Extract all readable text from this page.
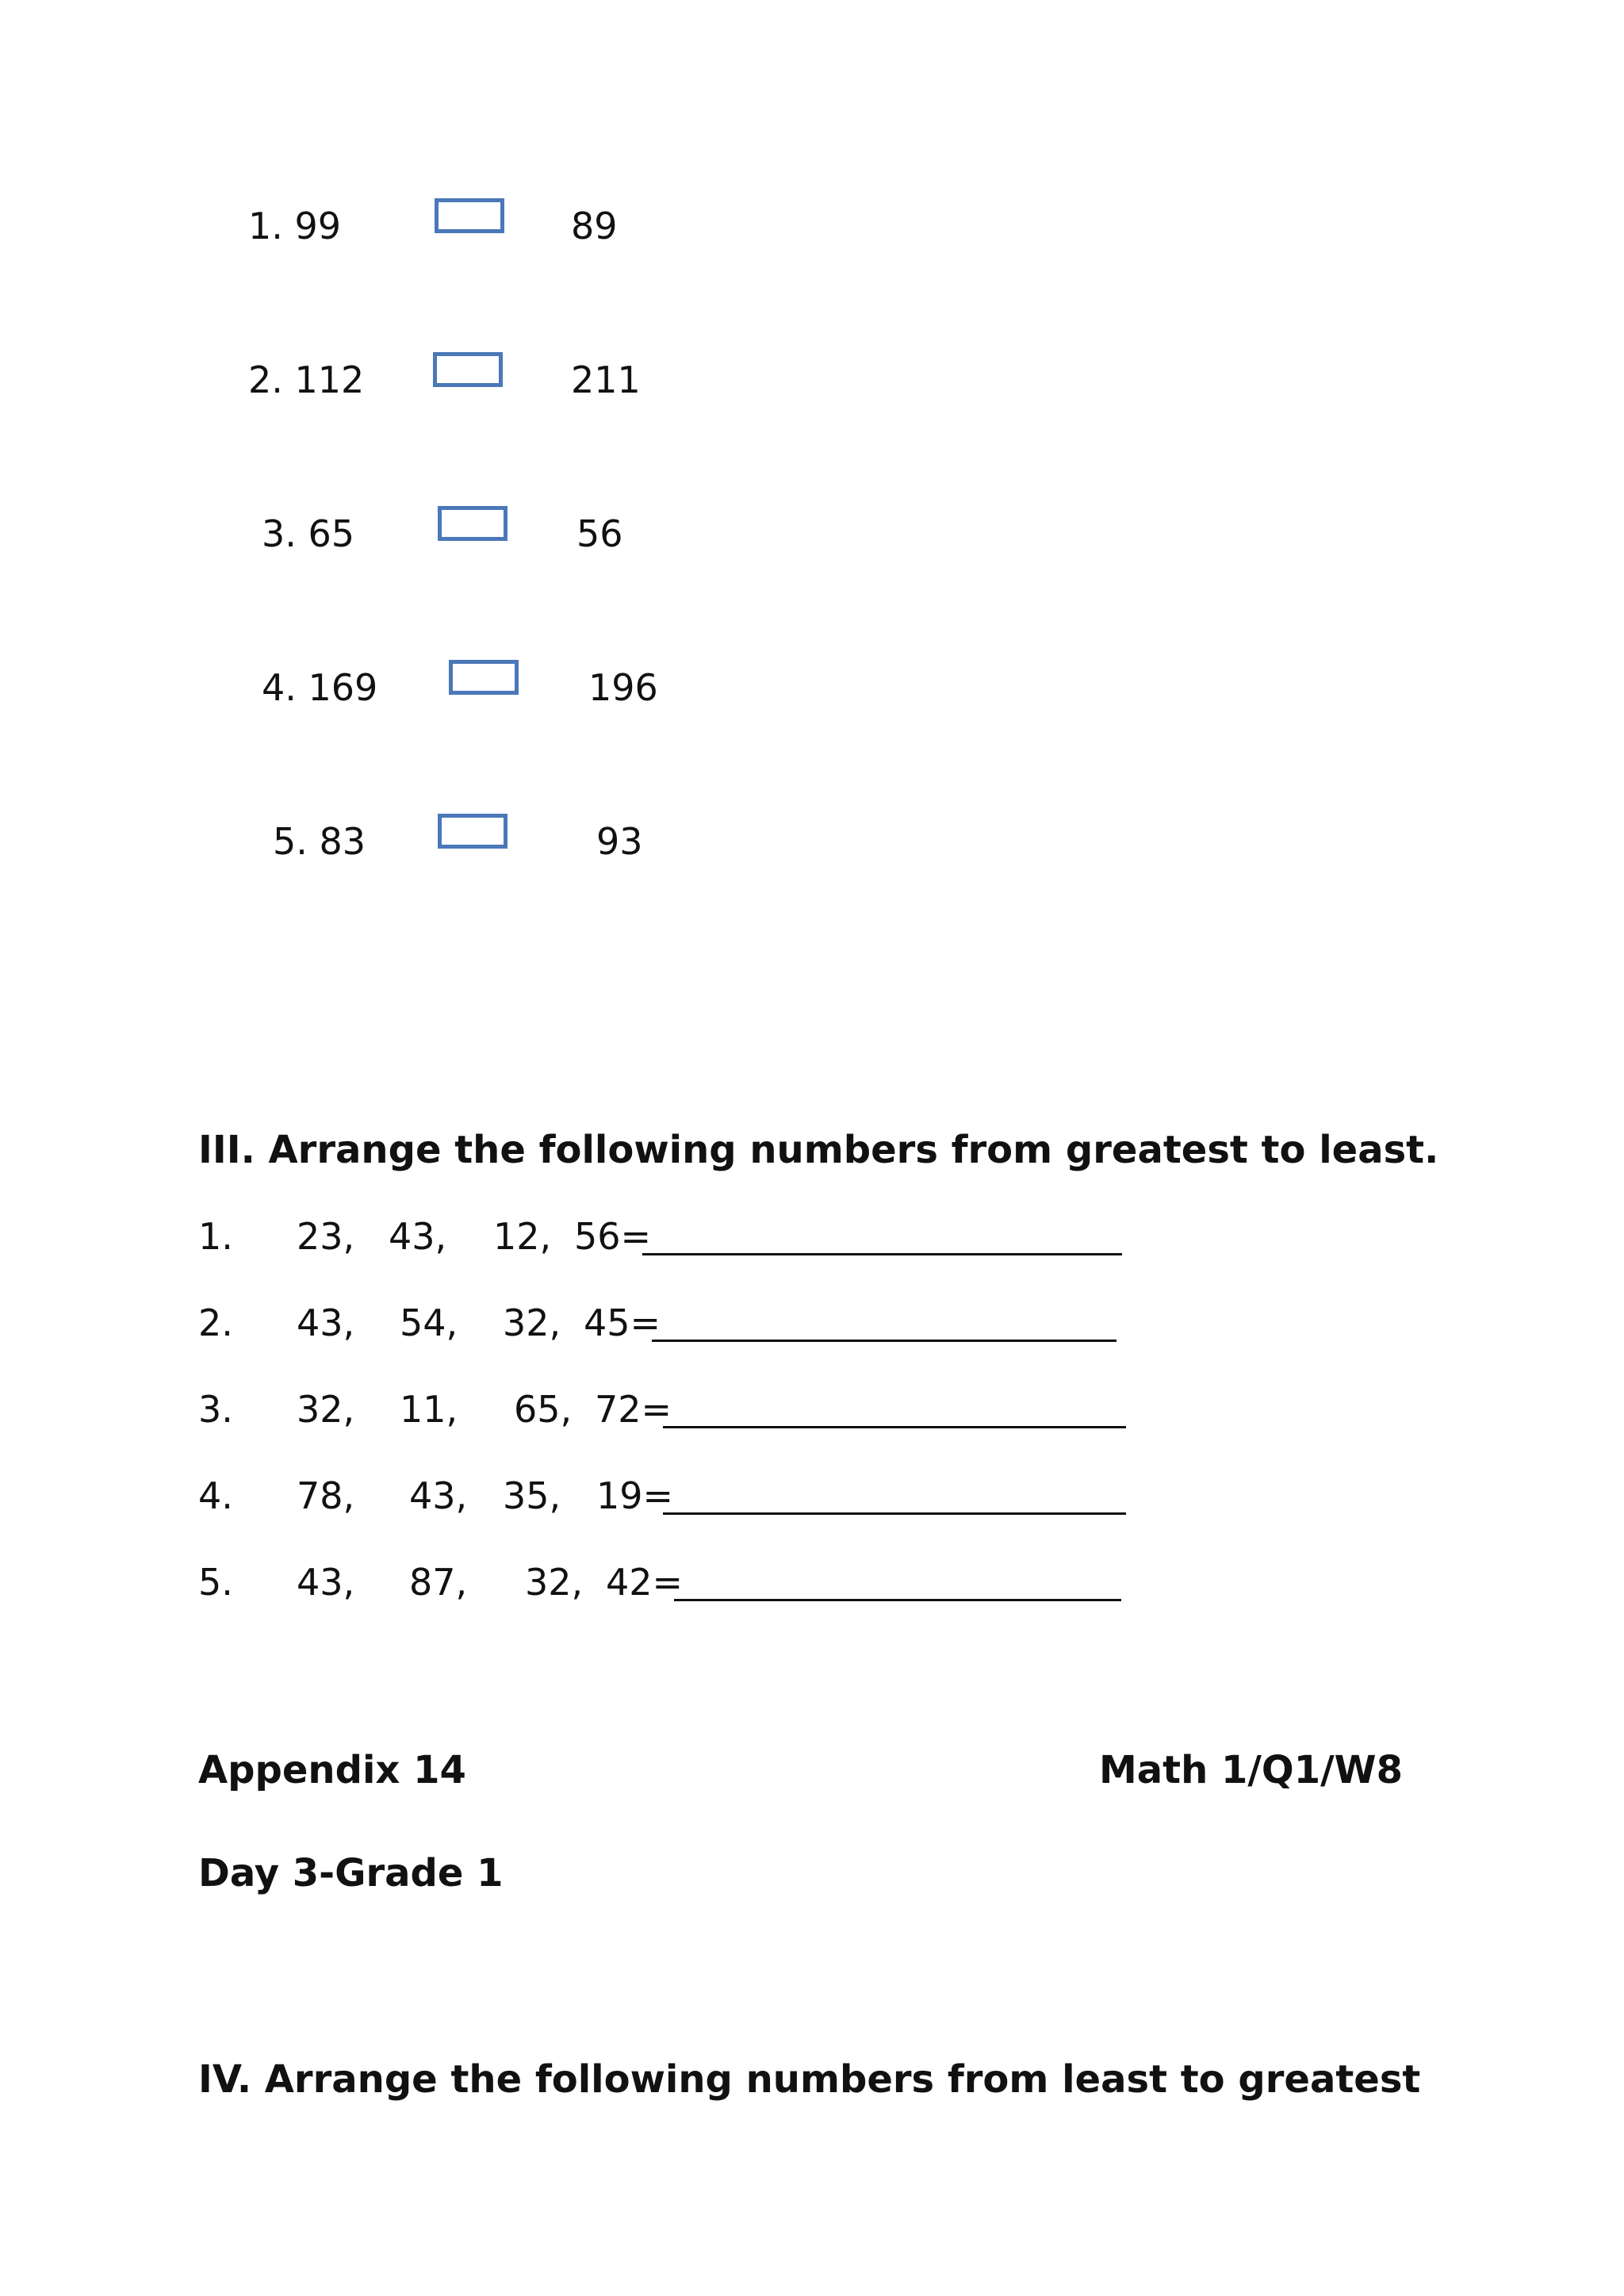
1. 99	89
2. 112	211
3. 65	56
4. 169	196
5. 83	93
III. Arrange the following numbers from greatest to least.
1. 23, 43, 12, 56=
2. 43, 54, 32, 45=
3. 32, 11, 65, 72=
4. 78, 43, 35, 19=
5. 43, 87, 32, 42=
Appendix 14	Math 1/Q1/W8
Day 3-Grade 1
IV. Arrange the following numbers from least to greatest
